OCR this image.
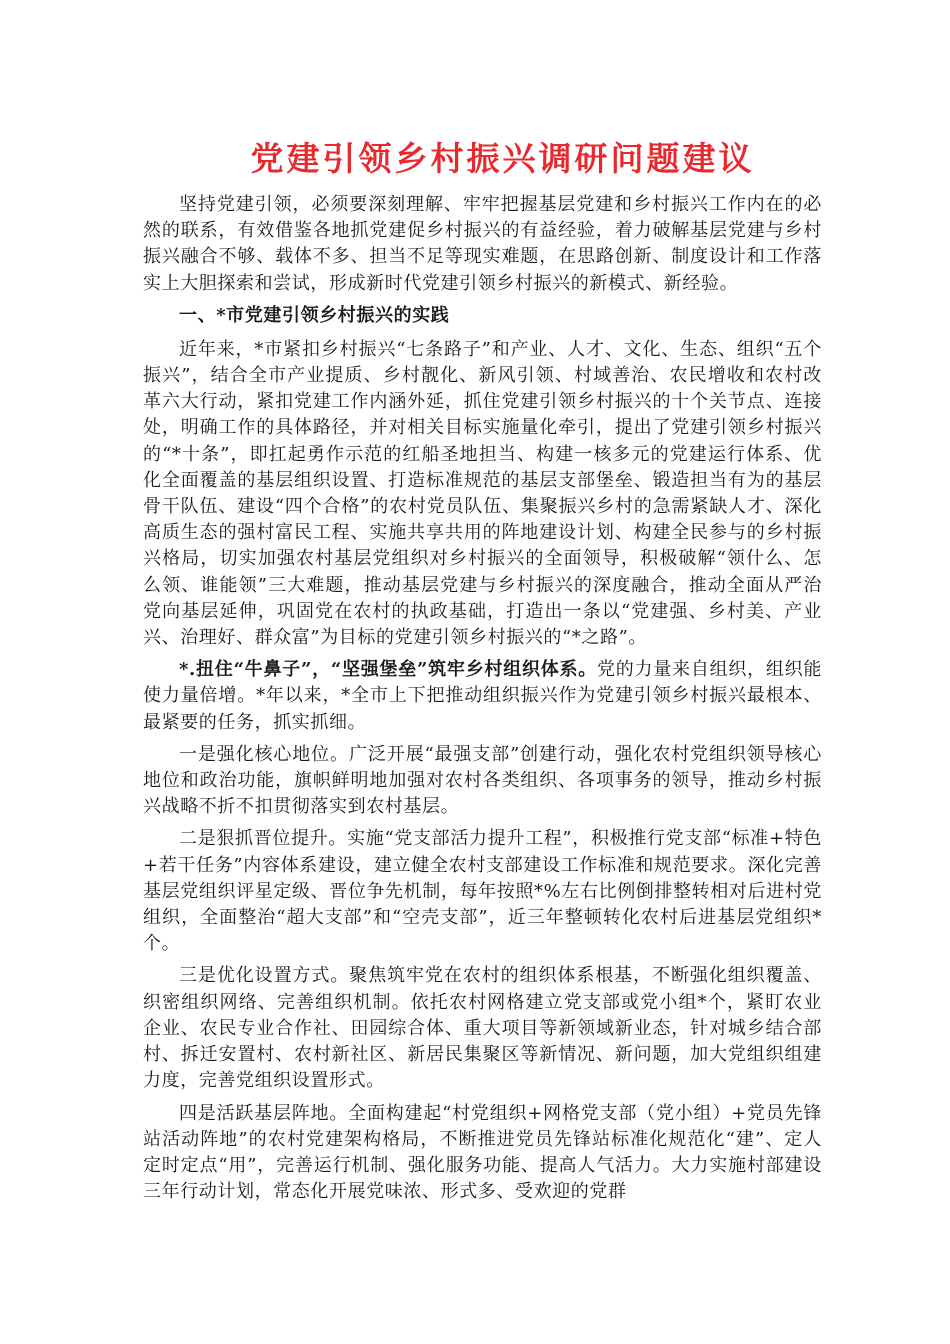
党建引领乡村振兴调研问题建议

坚持党建引领，必须要深刻理解、牢牢把握基层党建和乡村振兴工作内在的必然的联系，有效借鉴各地抓党建促乡村振兴的有益经验，着力破解基层党建与乡村振兴融合不够、载体不多、担当不足等现实难题，在思路创新、制度设计和工作落实上大胆探索和尝试，形成新时代党建引领乡村振兴的新模式、新经验。

一、*市党建引领乡村振兴的实践

近年来，*市紧扣乡村振兴“七条路子”和产业、人才、文化、生态、组织“五个振兴”，结合全市产业提质、乡村靓化、新风引领、村域善治、农民增收和农村改革六大行动，紧扣党建工作内涵外延，抓住党建引领乡村振兴的十个关节点、连接处，明确工作的具体路径，并对相关目标实施量化牵引，提出了党建引领乡村振兴的“*十条”，即扛起勇作示范的红船圣地担当、构建一核多元的党建运行体系、优化全面覆盖的基层组织设置、打造标准规范的基层支部堡垒、锻造担当有为的基层骨干队伍、建设“四个合格”的农村党员队伍、集聚振兴乡村的急需紧缺人才、深化高质生态的强村富民工程、实施共享共用的阵地建设计划、构建全民参与的乡村振兴格局，切实加强农村基层党组织对乡村振兴的全面领导，积极破解“领什么、怎么领、谁能领”三大难题，推动基层党建与乡村振兴的深度融合，推动全面从严治党向基层延伸，巩固党在农村的执政基础，打造出一条以“党建强、乡村美、产业兴、治理好、群众富”为目标的党建引领乡村振兴的“*之路”。

*.扭住“牛鼻子”，“坚强堡垒”筑牢乡村组织体系。党的力量来自组织，组织能使力量倍增。*年以来，*全市上下把推动组织振兴作为党建引领乡村振兴最根本、最紧要的任务，抓实抓细。

一是强化核心地位。广泛开展“最强支部”创建行动，强化农村党组织领导核心地位和政治功能，旗帜鲜明地加强对农村各类组织、各项事务的领导，推动乡村振兴战略不折不扣贯彻落实到农村基层。

二是狠抓晋位提升。实施“党支部活力提升工程”，积极推行党支部“标准+特色+若干任务”内容体系建设，建立健全农村支部建设工作标准和规范要求。深化完善基层党组织评星定级、晋位争先机制，每年按照*%左右比例倒排整转相对后进村党组织，全面整治“超大支部”和“空壳支部”，近三年整顿转化农村后进基层党组织*个。

三是优化设置方式。聚焦筑牢党在农村的组织体系根基，不断强化组织覆盖、织密组织网络、完善组织机制。依托农村网格建立党支部或党小组*个，紧盯农业企业、农民专业合作社、田园综合体、重大项目等新领域新业态，针对城乡结合部村、拆迁安置村、农村新社区、新居民集聚区等新情况、新问题，加大党组织组建力度，完善党组织设置形式。

四是活跃基层阵地。全面构建起“村党组织+网格党支部（党小组）+党员先锋站活动阵地”的农村党建架构格局，不断推进党员先锋站标准化规范化“建”、定人定时定点“用”，完善运行机制、强化服务功能、提高人气活力。大力实施村部建设三年行动计划，常态化开展党味浓、形式多、受欢迎的党群
